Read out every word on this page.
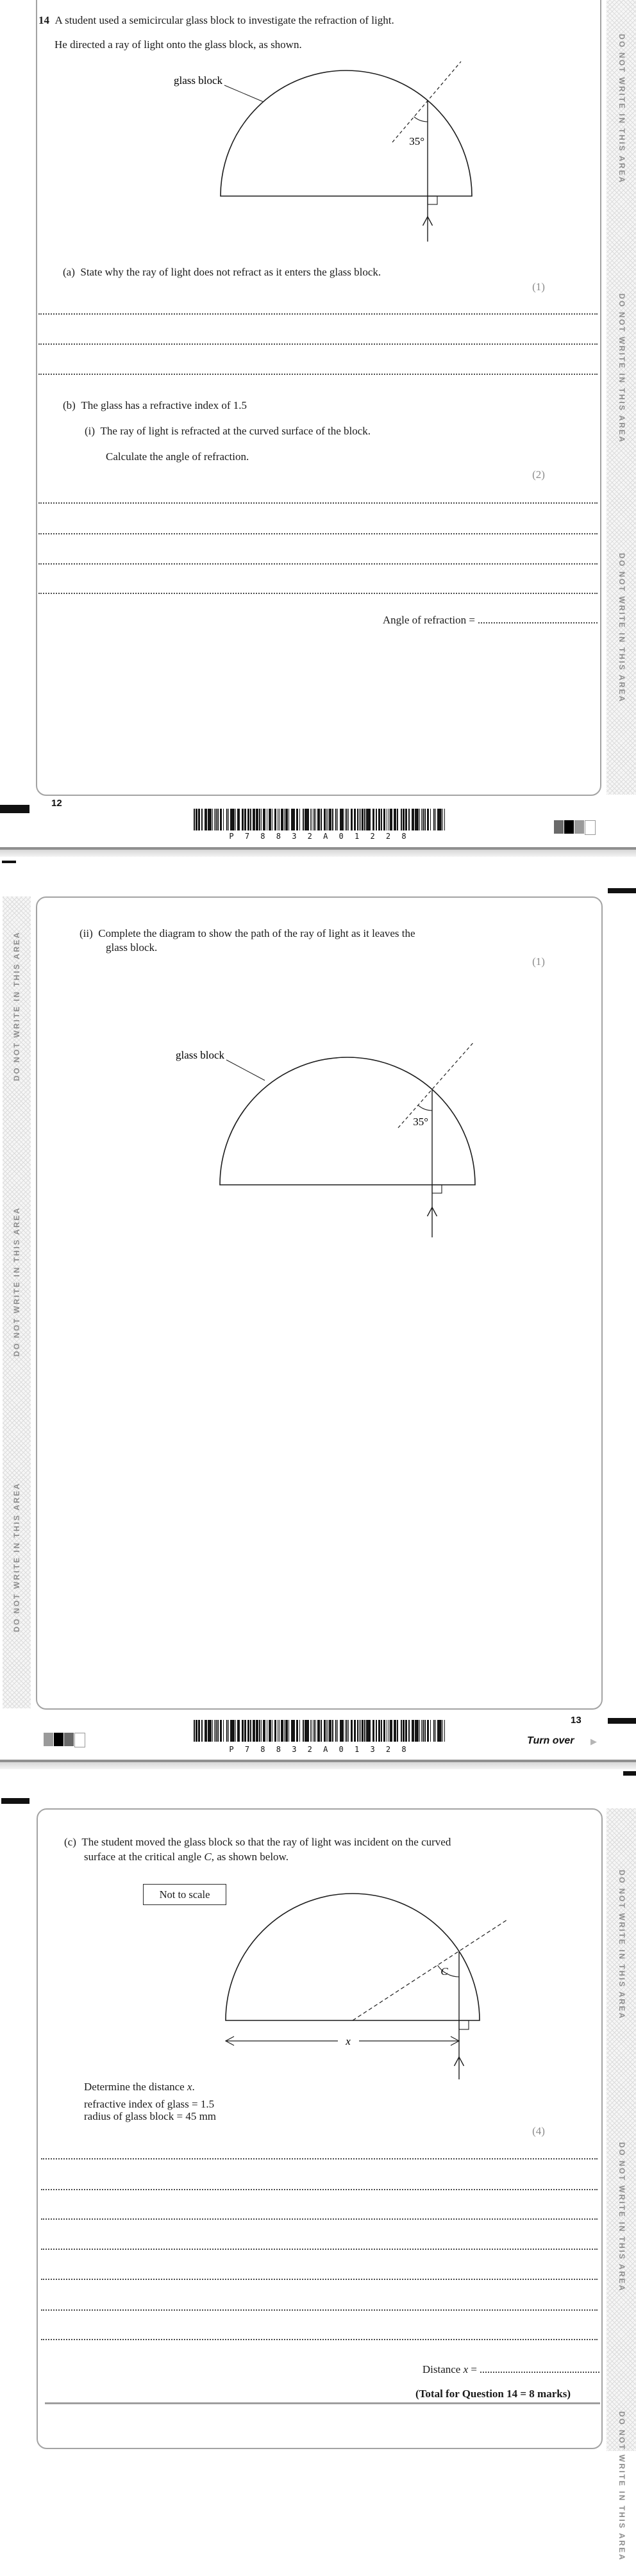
DO NOT WRITE IN THIS AREA
DO NOT WRITE IN THIS AREA
DO NOT WRITE IN THIS AREA
14 A student used a semicircular glass block to investigate the refraction of light.
He directed a ray of light onto the glass block, as shown.
35°
glass block
(a) State why the ray of light does not refract as it enters the glass block.
(1)
(b) The glass has a refractive index of 1.5
(i) The ray of light is refracted at the curved surface of the block.
Calculate the angle of refraction.
(2)
Angle of refraction =
12
P 7 8 8 3 2 A 0 1 2 2 8
DO NOT WRITE IN THIS AREA
DO NOT WRITE IN THIS AREA
DO NOT WRITE IN THIS AREA
(ii) Complete the diagram to show the path of the ray of light as it leaves the
glass block.
(1)
35°
glass block
13
Turn over ▶
P 7 8 8 3 2 A 0 1 3 2 8
DO NOT WRITE IN THIS AREA
DO NOT WRITE IN THIS AREA
DO NOT WRITE IN THIS AREA
(c) The student moved the glass block so that the ray of light was incident on the curved
surface at the critical angle C, as shown below.
Not to scale
C
x
Determine the distance x.
refractive index of glass = 1.5
radius of glass block = 45 mm
(4)
Distance x =
(Total for Question 14 = 8 marks)
